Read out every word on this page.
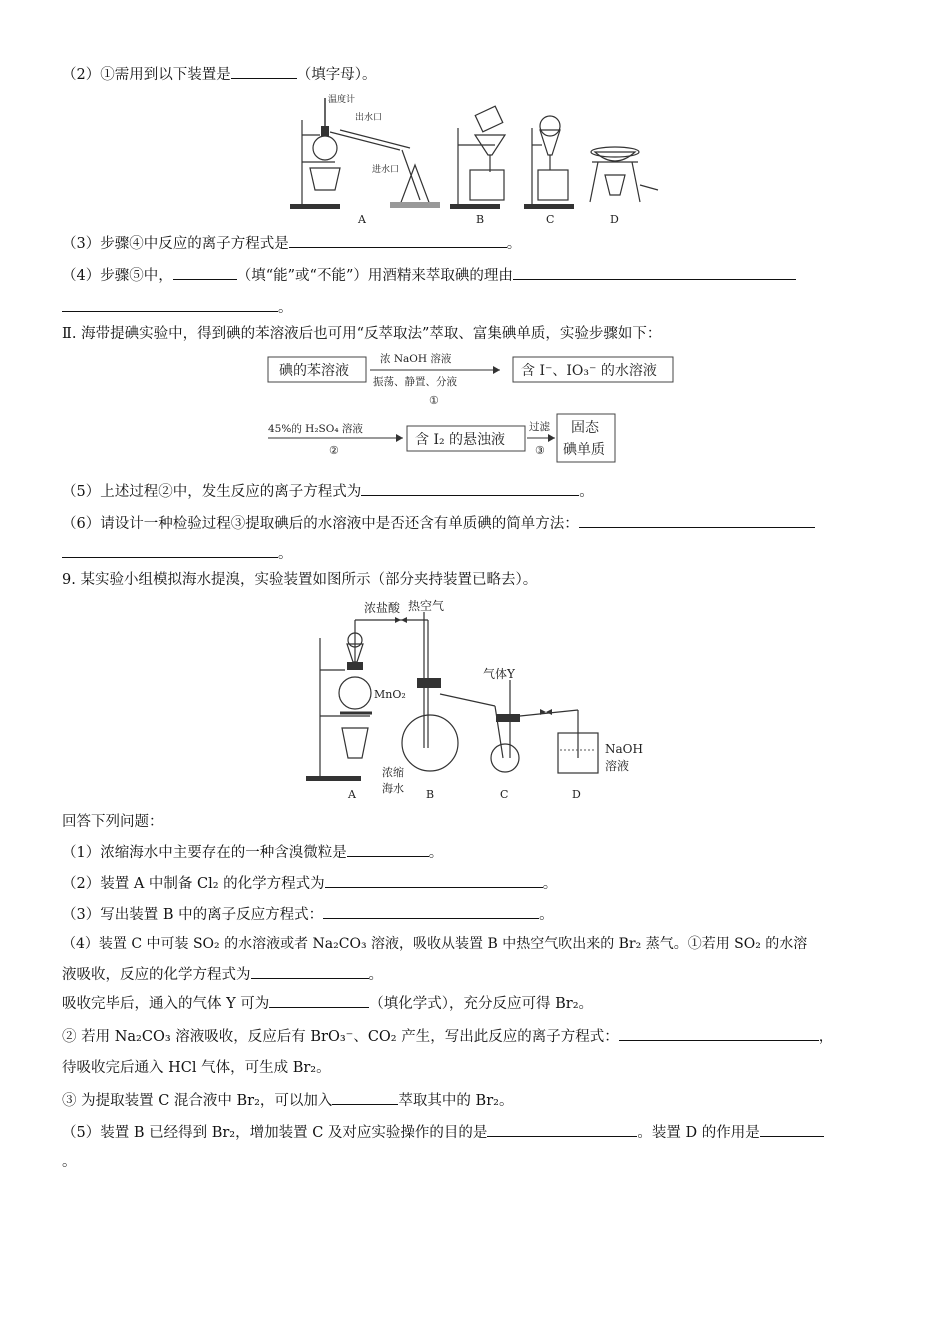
（2）①需用到以下装置是	（填字母）。
温度计
出水口
进水口
A	B	C	D
（3）步骤④中反应的离子方程式是	。
（4）步骤⑤中，	（填“能”或“不能”）用酒精来萃取碘的理由
。
Ⅱ. 海带提碘实验中，得到碘的苯溶液后也可用“反萃取法”萃取、富集碘单质，实验步骤如下：
碘的苯溶液
浓 NaOH 溶液
振荡、静置、分液
①
含 I⁻、IO₃⁻ 的水溶液
45%的 H₂SO₄ 溶液
②
含 I₂ 的悬浊液
过滤
③
固态
碘单质
（5）上述过程②中，发生反应的离子方程式为	。
（6）请设计一种检验过程③提取碘后的水溶液中是否还含有单质碘的简单方法：
。
9. 某实验小组模拟海水提溴，实验装置如图所示（部分夹持装置已略去）。
浓盐酸
MnO₂
A
热空气
浓缩
海水 B
气体Y
C
NaOH
溶液
D
回答下列问题：
（1）浓缩海水中主要存在的一种含溴微粒是	。
（2）装置 A 中制备 Cl₂ 的化学方程式为	。
（3）写出装置 B 中的离子反应方程式：	。
（4）装置 C 中可装 SO₂ 的水溶液或者 Na₂CO₃ 溶液，吸收从装置 B 中热空气吹出来的 Br₂ 蒸气。①若用 SO₂ 的水溶
液吸收，反应的化学方程式为	。
吸收完毕后，通入的气体 Y 可为	（填化学式），充分反应可得 Br₂。
② 若用 Na₂CO₃ 溶液吸收，反应后有 BrO₃⁻、CO₂ 产生，写出此反应的离子方程式：	，
待吸收完后通入 HCl 气体，可生成 Br₂。
③ 为提取装置 C 混合液中 Br₂，可以加入	萃取其中的 Br₂。
（5）装置 B 已经得到 Br₂，增加装置 C 及对应实验操作的目的是	。装置 D 的作用是
。
